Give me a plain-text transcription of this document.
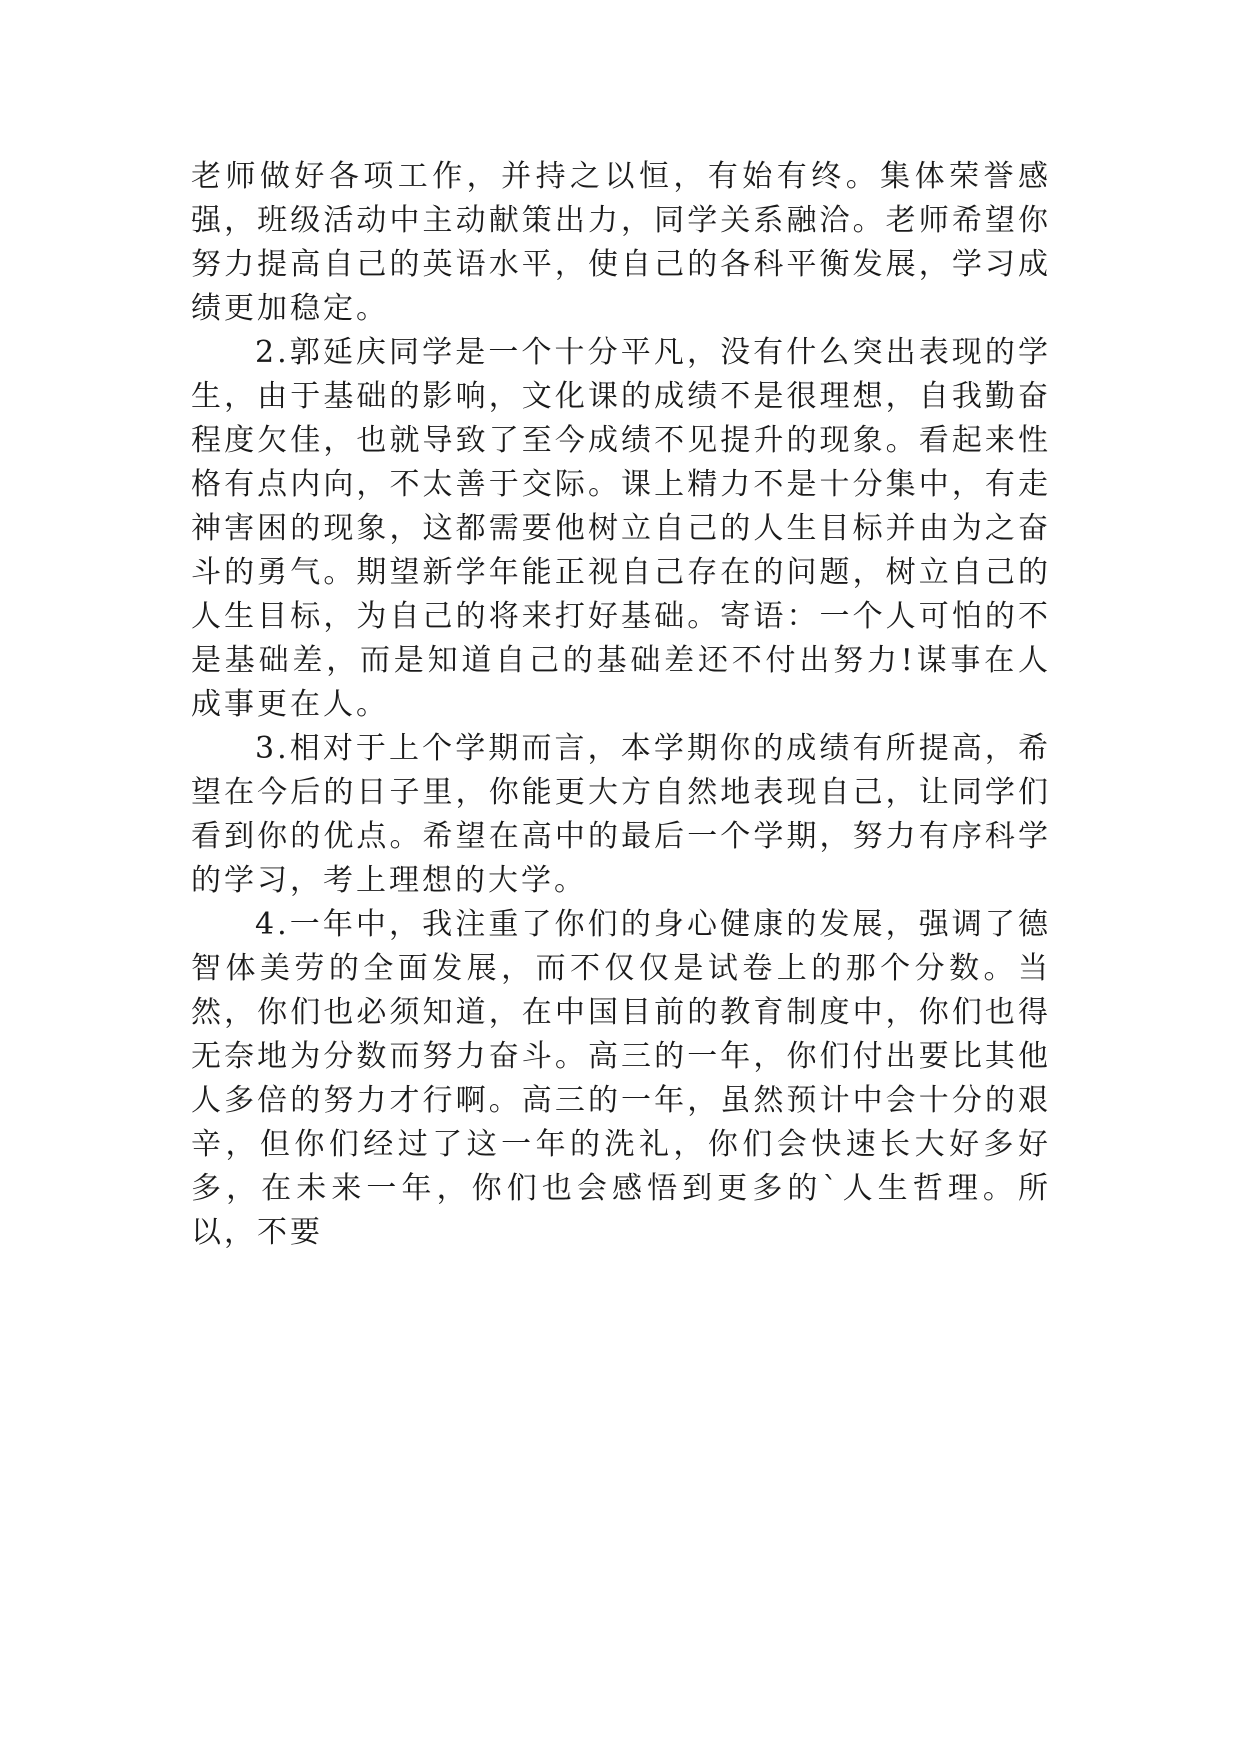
老师做好各项工作，并持之以恒，有始有终。集体荣誉感强，班级活动中主动献策出力，同学关系融洽。老师希望你努力提高自己的英语水平，使自己的各科平衡发展，学习成绩更加稳定。

2.郭延庆同学是一个十分平凡，没有什么突出表现的学生，由于基础的影响，文化课的成绩不是很理想，自我勤奋程度欠佳，也就导致了至今成绩不见提升的现象。看起来性格有点内向，不太善于交际。课上精力不是十分集中，有走神害困的现象，这都需要他树立自己的人生目标并由为之奋斗的勇气。期望新学年能正视自己存在的问题，树立自己的人生目标，为自己的将来打好基础。寄语：一个人可怕的不是基础差，而是知道自己的基础差还不付出努力!谋事在人成事更在人。

3.相对于上个学期而言，本学期你的成绩有所提高，希望在今后的日子里，你能更大方自然地表现自己，让同学们看到你的优点。希望在高中的最后一个学期，努力有序科学的学习，考上理想的大学。

4.一年中，我注重了你们的身心健康的发展，强调了德智体美劳的全面发展，而不仅仅是试卷上的那个分数。当然，你们也必须知道，在中国目前的教育制度中，你们也得无奈地为分数而努力奋斗。高三的一年，你们付出要比其他人多倍的努力才行啊。高三的一年，虽然预计中会十分的艰辛，但你们经过了这一年的洗礼，你们会快速长大好多好多，在未来一年，你们也会感悟到更多的`人生哲理。所以，不要
